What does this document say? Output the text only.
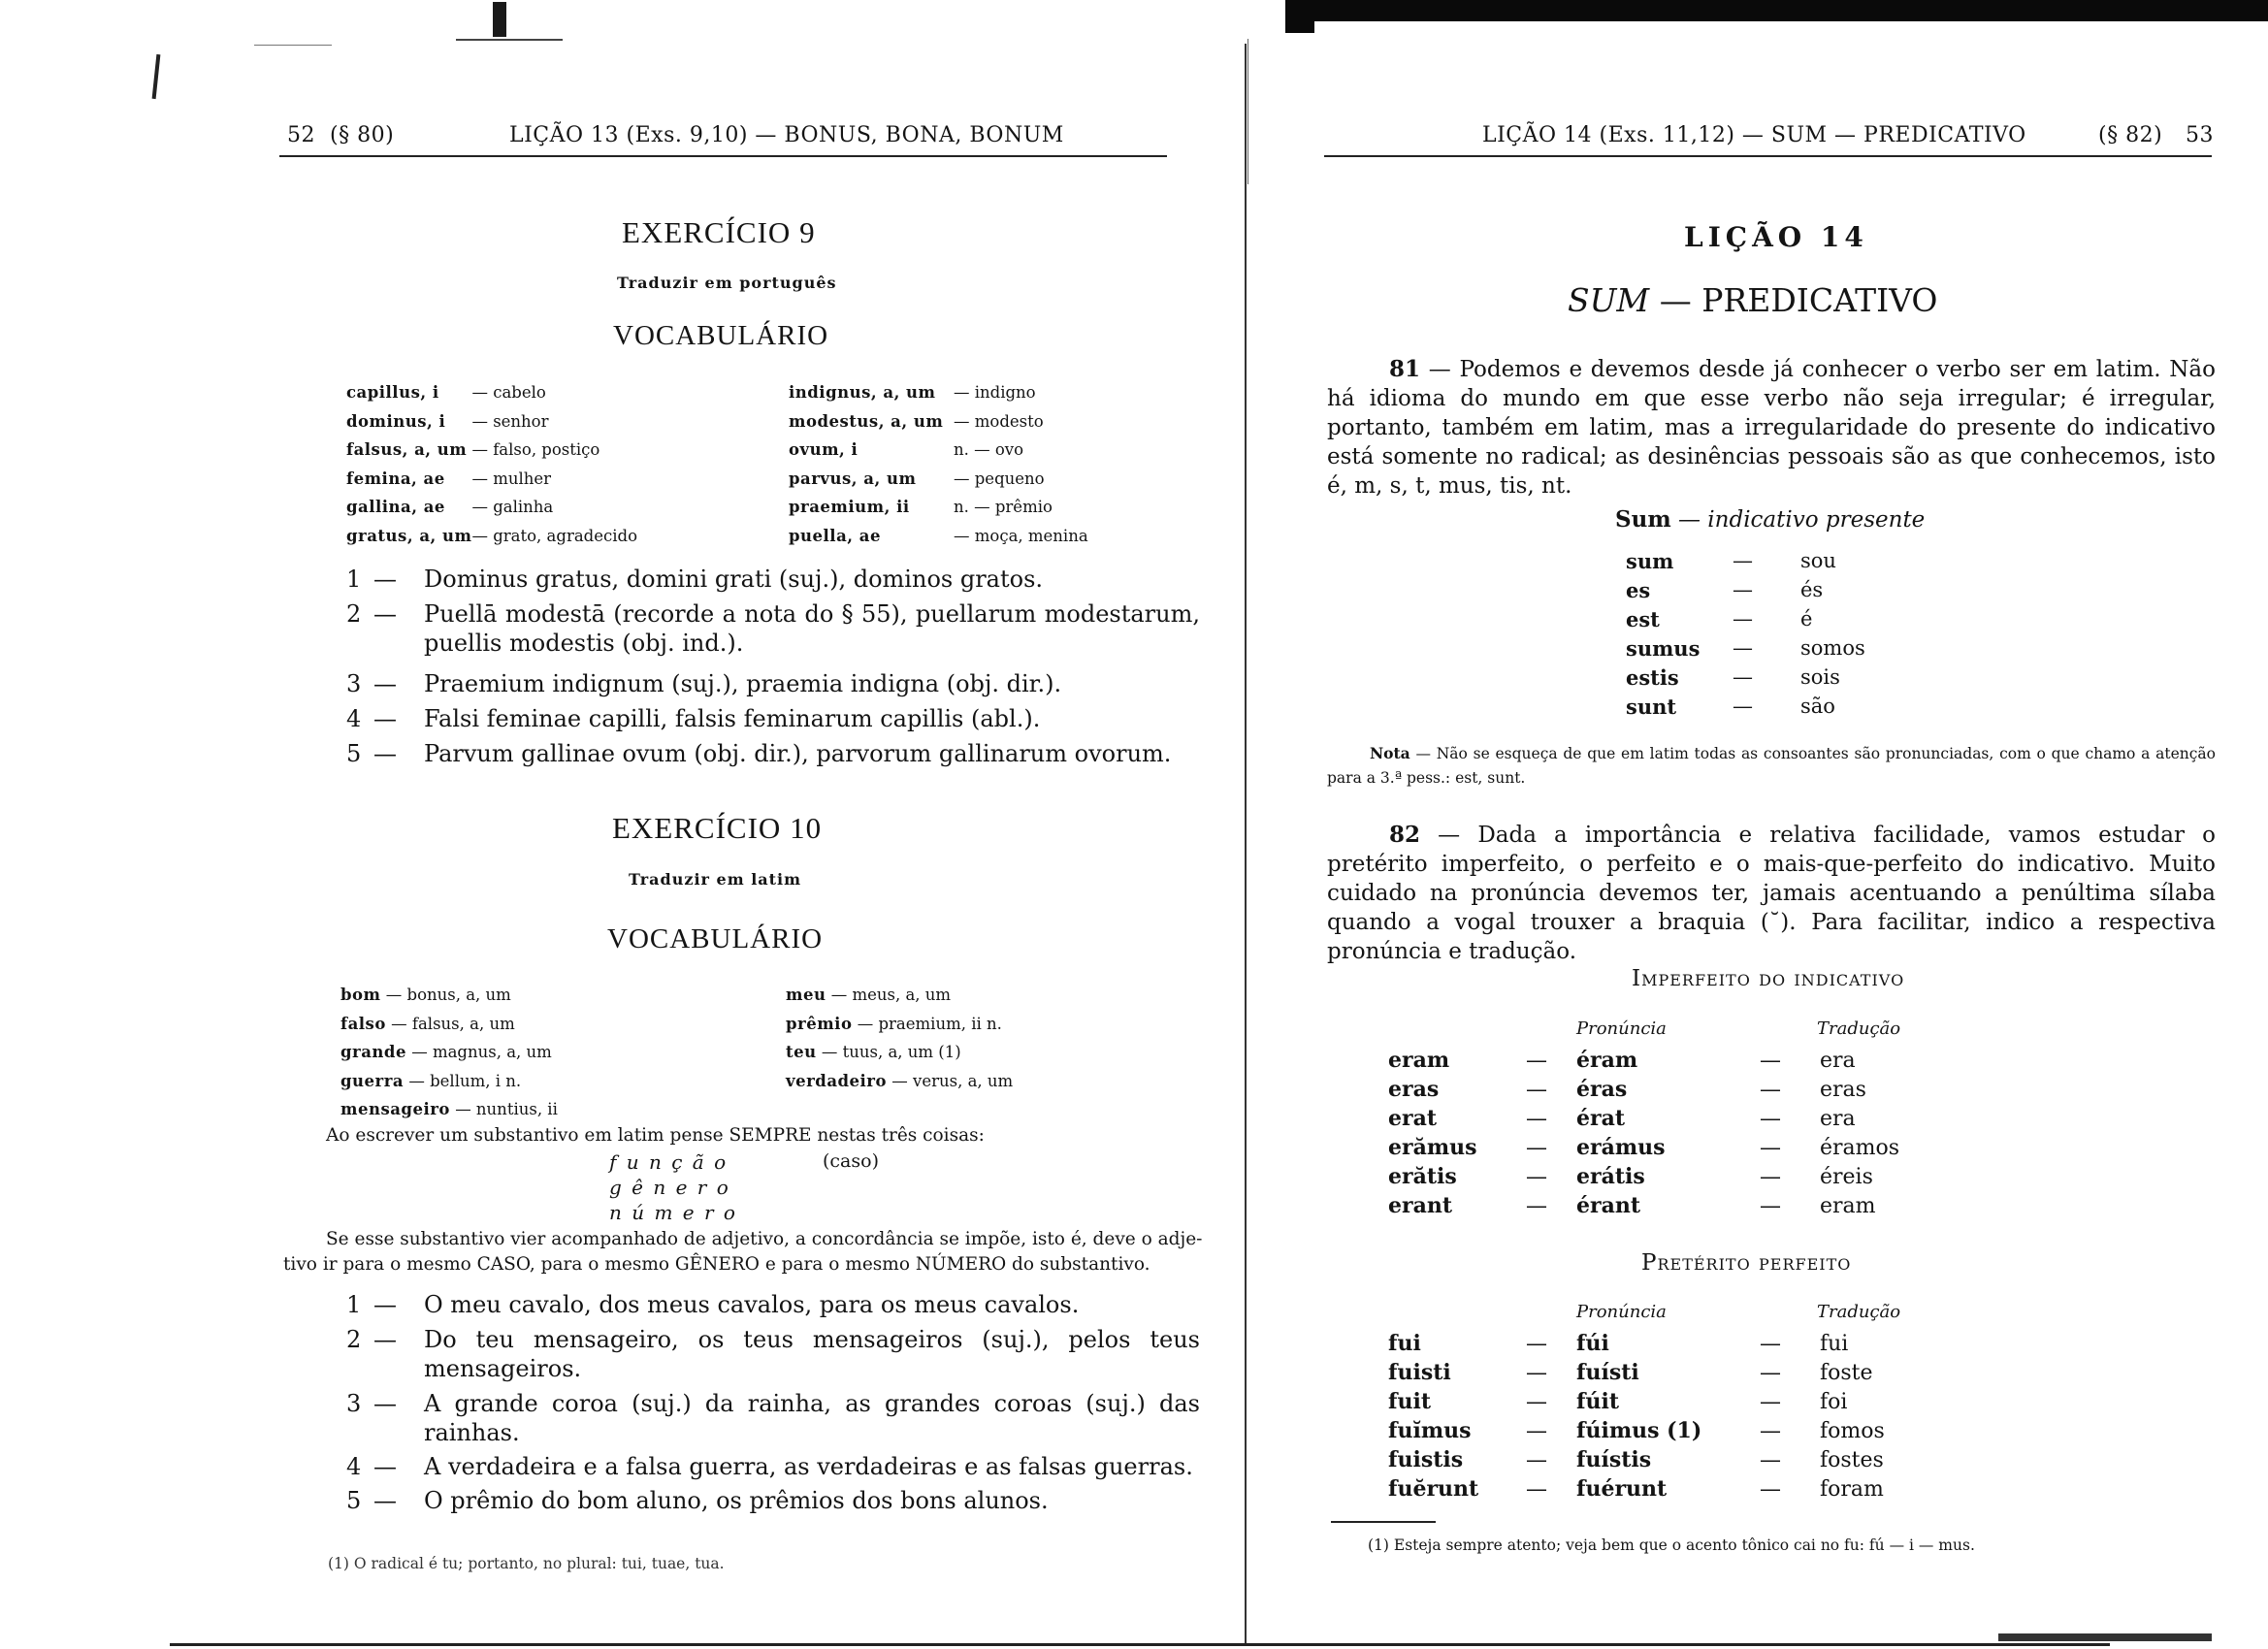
52 (§ 80)	LIÇÃO 13 (Exs. 9,10) — BONUS, BONA, BONUM
EXERCÍCIO 9
Traduzir em português
VOCABULÁRIO
capillus, i	— cabelo
dominus, i	— senhor
falsus, a, um	— falso, postiço
femina, ae	— mulher
gallina, ae	— galinha
gratus, a, um	— grato, agradecido
indignus, a, um	— indigno
modestus, a, um	— modesto
ovum, i	n. — ovo
parvus, a, um	— pequeno
praemium, ii	n. — prêmio
puella, ae	— moça, menina
1 — Dominus gratus, domini grati (suj.), dominos gratos.
2 — Puellā modestā (recorde a nota do § 55), puellarum modestarum, puellis modestis (obj. ind.).
3 — Praemium indignum (suj.), praemia indigna (obj. dir.).
4 — Falsi feminae capilli, falsis feminarum capillis (abl.).
5 — Parvum gallinae ovum (obj. dir.), parvorum gallinarum ovorum.
EXERCÍCIO 10
Traduzir em latim
VOCABULÁRIO
bom — bonus, a, um
falso — falsus, a, um
grande — magnus, a, um
guerra — bellum, i n.
mensageiro — nuntius, ii
meu — meus, a, um
prêmio — praemium, ii n.
teu — tuus, a, um (1)
verdadeiro — verus, a, um
Ao escrever um substantivo em latim pense SEMPRE nestas três coisas:
f u n ç ã o	(caso)
g ê n e r o
n ú m e r o
Se esse substantivo vier acompanhado de adjetivo, a concordância se impõe, isto é, deve o adje-
tivo ir para o mesmo CASO, para o mesmo GÊNERO e para o mesmo NÚMERO do substantivo.
1 — O meu cavalo, dos meus cavalos, para os meus cavalos.
2 — Do teu mensageiro, os teus mensageiros (suj.), pelos teus mensageiros.
3 — A grande coroa (suj.) da rainha, as grandes coroas (suj.) das rainhas.
4 — A verdadeira e a falsa guerra, as verdadeiras e as falsas guerras.
5 — O prêmio do bom aluno, os prêmios dos bons alunos.
(1) O radical é tu; portanto, no plural: tui, tuae, tua.
LIÇÃO 14 (Exs. 11,12) — SUM — PREDICATIVO	(§ 82) 53
LIÇÃO 14
SUM — PREDICATIVO
81 — Podemos e devemos desde já conhecer o verbo ser em latim. Não há idioma do mundo em que esse verbo não seja irregular; é irregular, portanto, também em latim, mas a irregularidade do presente do indicativo está somente no radical; as desinências pessoais são as que conhecemos, isto é, m, s, t, mus, tis, nt.
Sum — indicativo presente
sum	—	sou
es	—	és
est	—	é
sumus	—	somos
estis	—	sois
sunt	—	são
Nota — Não se esqueça de que em latim todas as consoantes são pronunciadas, com o que chamo a atenção para a 3.ª pess.: est, sunt.
82 — Dada a importância e relativa facilidade, vamos estudar o pretérito imperfeito, o perfeito e o mais-que-perfeito do indicativo. Muito cuidado na pronúncia devemos ter, jamais acentuando a penúltima sílaba quando a vogal trouxer a braquia (˘). Para facilitar, indico a respectiva pronúncia e tradução.
Imperfeito do indicativo
Pronúncia	Tradução
eram	—	éram	—	era
eras	—	éras	—	eras
erat	—	érat	—	era
erămus	—	erámus	—	éramos
erătis	—	erátis	—	éreis
erant	—	érant	—	eram
Pretérito perfeito
Pronúncia	Tradução
fui	—	fúi	—	fui
fuisti	—	fuísti	—	foste
fuit	—	fúit	—	foi
fuĭmus	—	fúimus (1)	—	fomos
fuistis	—	fuístis	—	fostes
fuĕrunt	—	fuérunt	—	foram
(1) Esteja sempre atento; veja bem que o acento tônico cai no fu: fú — i — mus.
